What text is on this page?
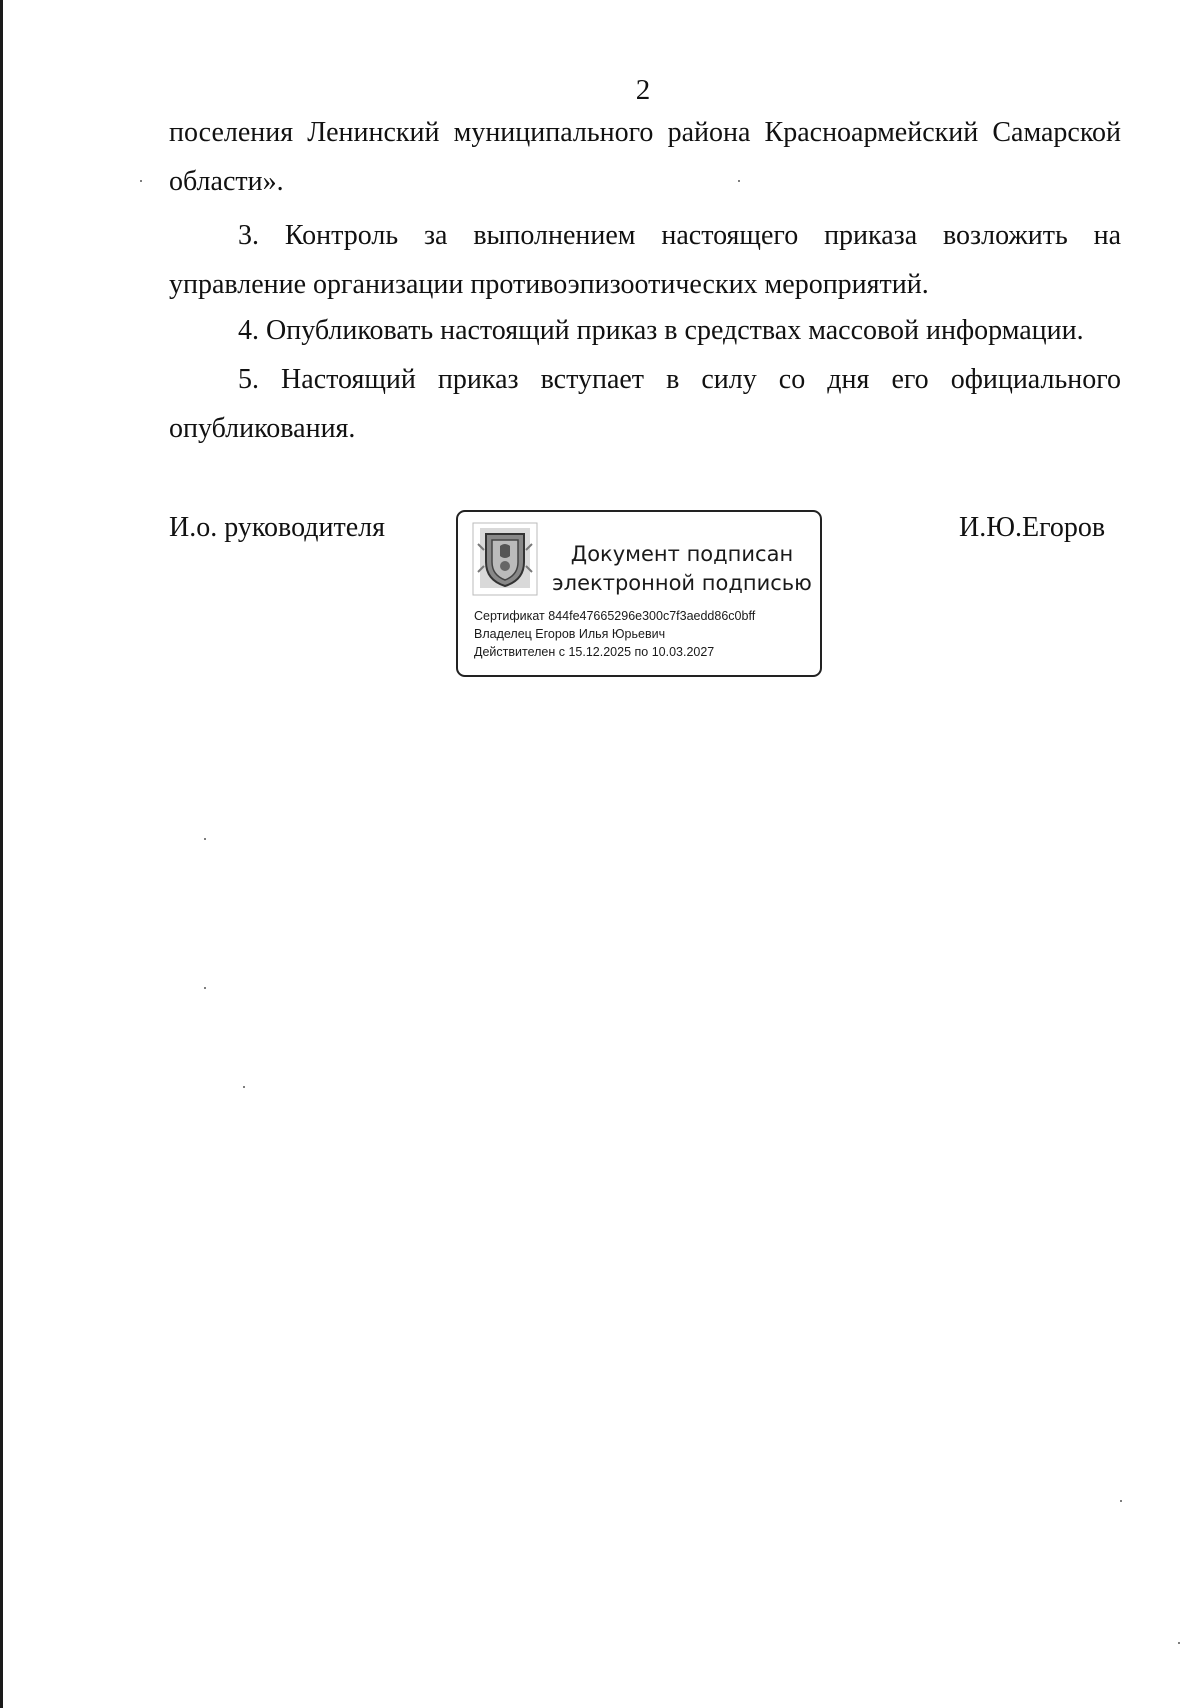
2
поселения Ленинский муниципального района Красноармейский Самарской
области».
3. Контроль за выполнением настоящего приказа возложить на
управление организации противоэпизоотических мероприятий.
4. Опубликовать настоящий приказ в средствах массовой информации.
5. Настоящий приказ вступает в силу со дня его официального
опубликования.
И.о. руководителя	И.Ю.Егоров
Документ подписан
электронной подписью
Сертификат 844fe47665296e300c7f3aedd86c0bff
Владелец Егоров Илья Юрьевич
Действителен с 15.12.2025 по 10.03.2027
